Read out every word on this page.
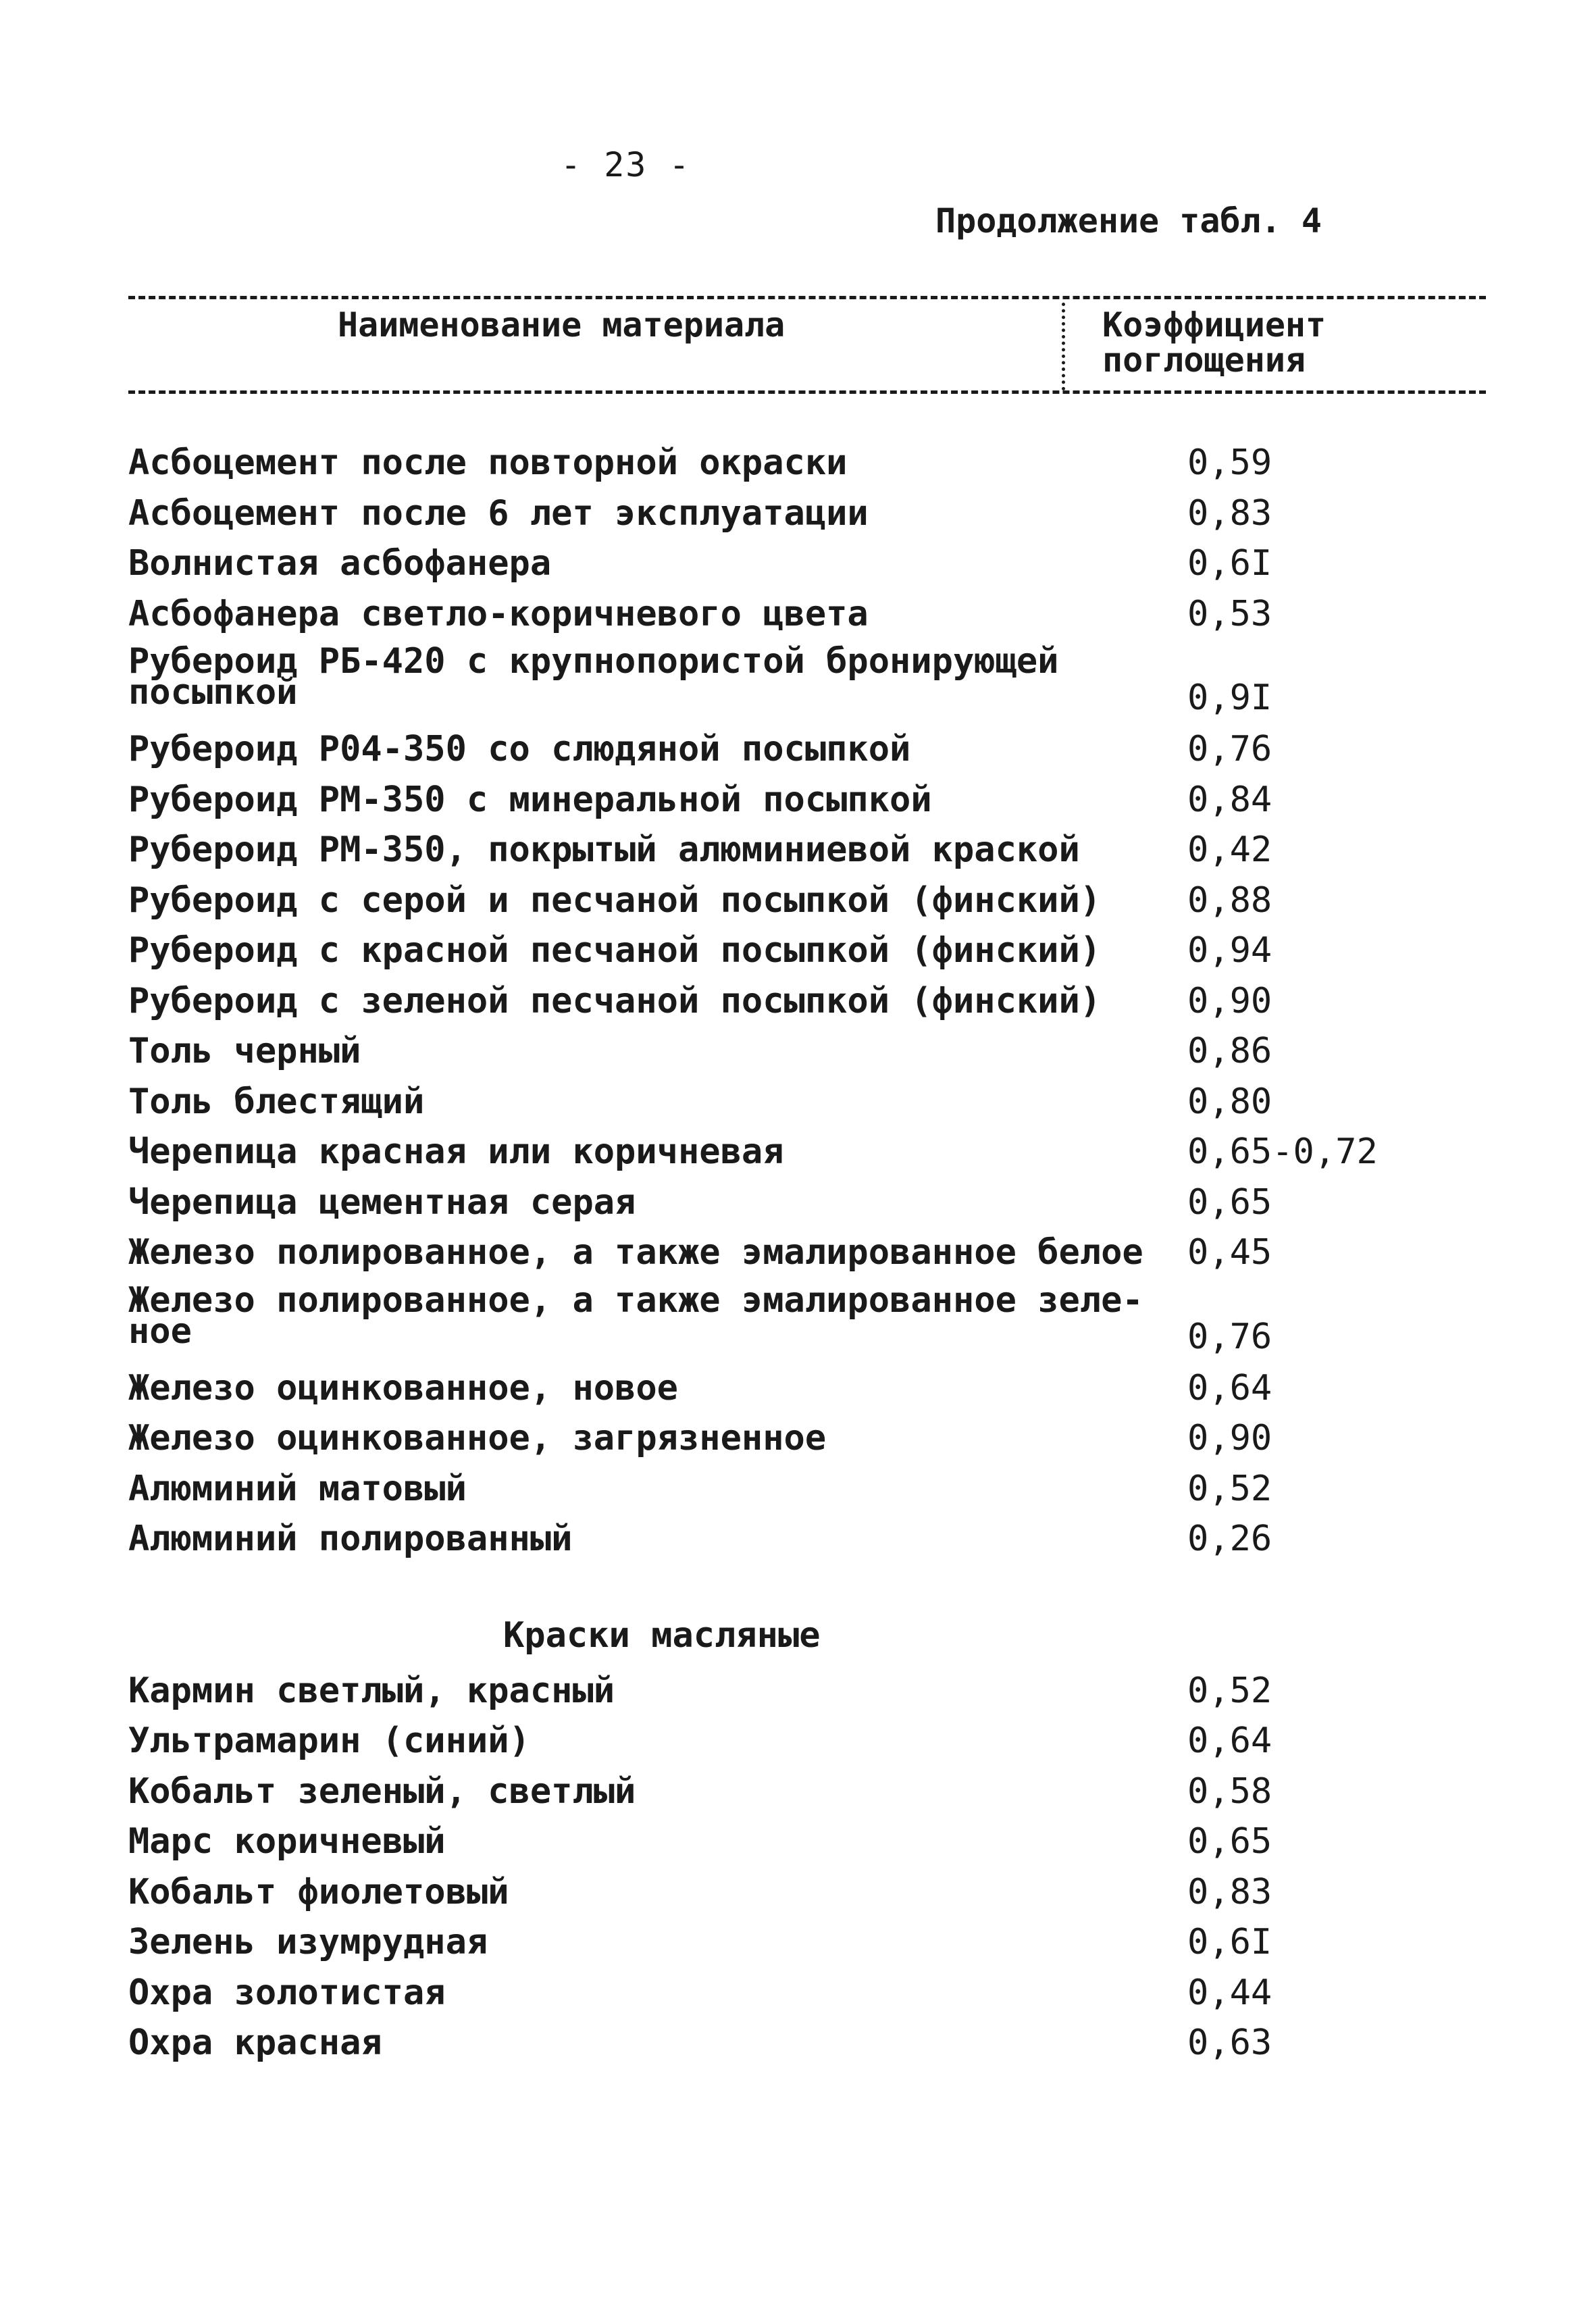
- 23 -
Продолжение табл. 4
Наименование материала	Коэффициент
поглощения
Асбоцемент после повторной окраски	0,59
Асбоцемент после 6 лет эксплуатации	0,83
Волнистая асбофанера	0,6I
Асбофанера светло-коричневого цвета	0,53
Рубероид РБ-420 с крупнопористой бронирующей посыпкой	0,9I
Рубероид Р04-350 со слюдяной посыпкой	0,76
Рубероид РМ-350 с минеральной посыпкой	0,84
Рубероид РМ-350, покрытый алюминиевой краской	0,42
Рубероид с серой и песчаной посыпкой (финский)	0,88
Рубероид с красной песчаной посыпкой (финский)	0,94
Рубероид с зеленой песчаной посыпкой (финский)	0,90
Толь черный	0,86
Толь блестящий	0,80
Черепица красная или коричневая	0,65-0,72
Черепица цементная серая	0,65
Железо полированное, а также эмалированное белое	0,45
Железо полированное, а также эмалированное зеле-ное	0,76
Железо оцинкованное, новое	0,64
Железо оцинкованное, загрязненное	0,90
Алюминий матовый	0,52
Алюминий полированный	0,26
Краски масляные
Кармин светлый, красный	0,52
Ультрамарин (синий)	0,64
Кобальт зеленый, светлый	0,58
Марс коричневый	0,65
Кобальт фиолетовый	0,83
Зелень изумрудная	0,6I
Охра золотистая	0,44
Охра красная	0,63
